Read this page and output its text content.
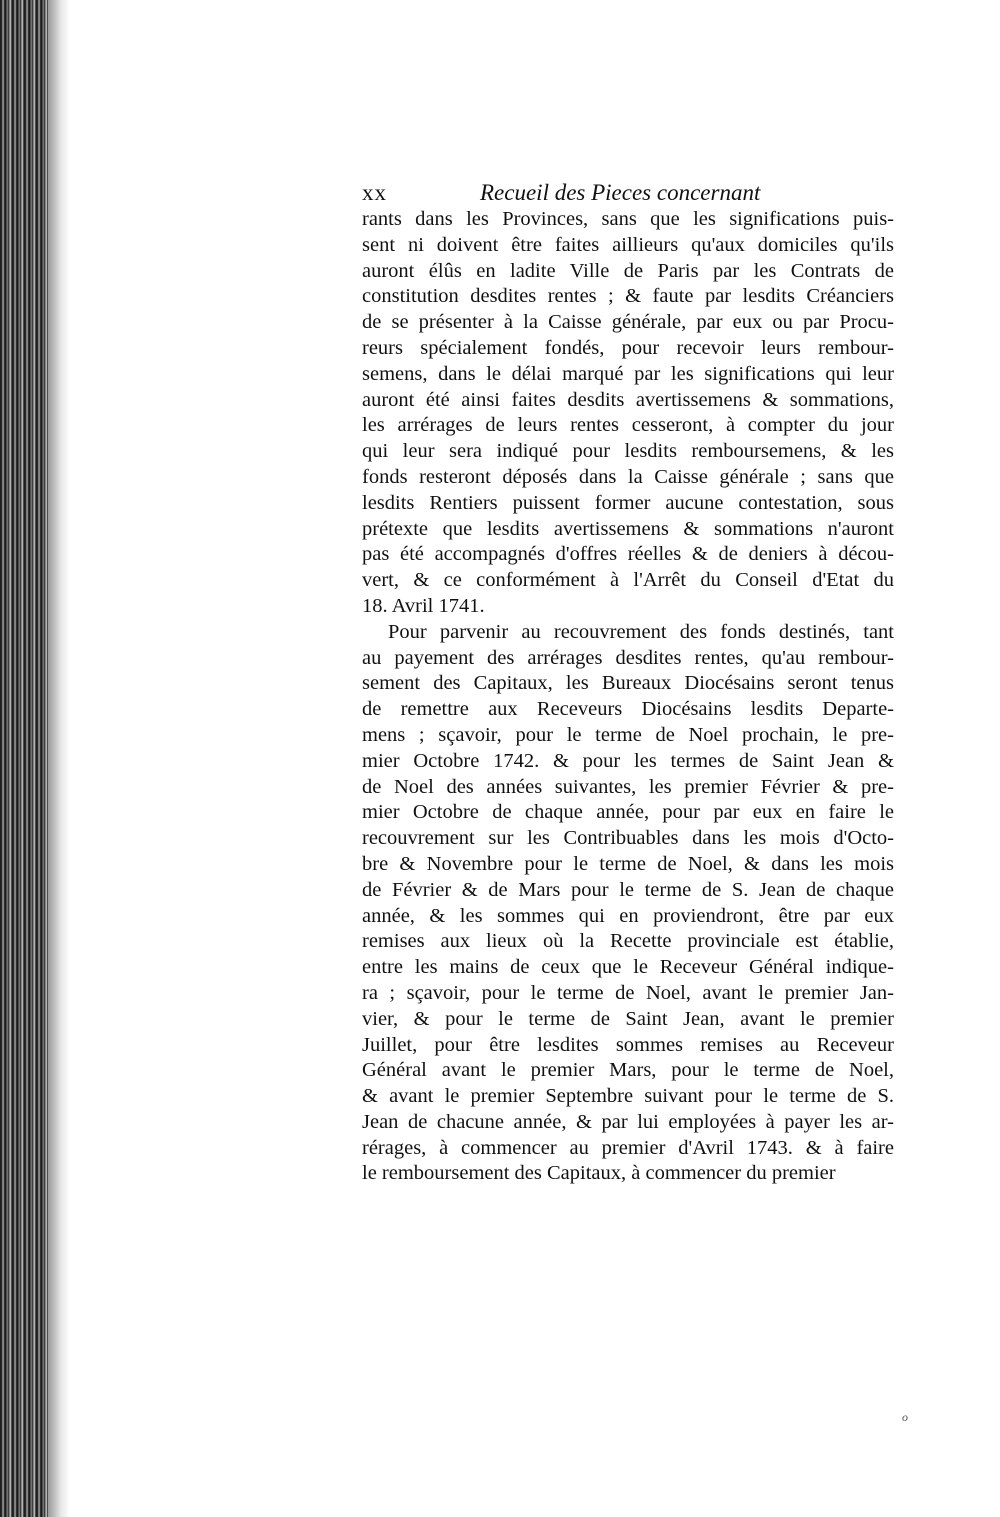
xx	Recueil des Pieces concernant
rants dans les Provinces, sans que les significations puis-
sent ni doivent être faites aillieurs qu'aux domiciles qu'ils
auront élûs en ladite Ville de Paris par les Contrats de
constitution desdites rentes ; & faute par lesdits Créanciers
de se présenter à la Caisse générale, par eux ou par Procu-
reurs spécialement fondés, pour recevoir leurs rembour-
semens, dans le délai marqué par les significations qui leur
auront été ainsi faites desdits avertissemens & sommations,
les arrérages de leurs rentes cesseront, à compter du jour
qui leur sera indiqué pour lesdits remboursemens, & les
fonds resteront déposés dans la Caisse générale ; sans que
lesdits Rentiers puissent former aucune contestation, sous
prétexte que lesdits avertissemens & sommations n'auront
pas été accompagnés d'offres réelles & de deniers à décou-
vert, & ce conformément à l'Arrêt du Conseil d'Etat du
18. Avril 1741.
Pour parvenir au recouvrement des fonds destinés, tant
au payement des arrérages desdites rentes, qu'au rembour-
sement des Capitaux, les Bureaux Diocésains seront tenus
de remettre aux Receveurs Diocésains lesdits Departe-
mens ; sçavoir, pour le terme de Noel prochain, le pre-
mier Octobre 1742. & pour les termes de Saint Jean &
de Noel des années suivantes, les premier Février & pre-
mier Octobre de chaque année, pour par eux en faire le
recouvrement sur les Contribuables dans les mois d'Octo-
bre & Novembre pour le terme de Noel, & dans les mois
de Février & de Mars pour le terme de S. Jean de chaque
année, & les sommes qui en proviendront, être par eux
remises aux lieux où la Recette provinciale est établie,
entre les mains de ceux que le Receveur Général indique-
ra ; sçavoir, pour le terme de Noel, avant le premier Jan-
vier, & pour le terme de Saint Jean, avant le premier
Juillet, pour être lesdites sommes remises au Receveur
Général avant le premier Mars, pour le terme de Noel,
& avant le premier Septembre suivant pour le terme de S.
Jean de chacune année, & par lui employées à payer les ar-
rérages, à commencer au premier d'Avril 1743. & à faire
le remboursement des Capitaux, à commencer du premier
o
